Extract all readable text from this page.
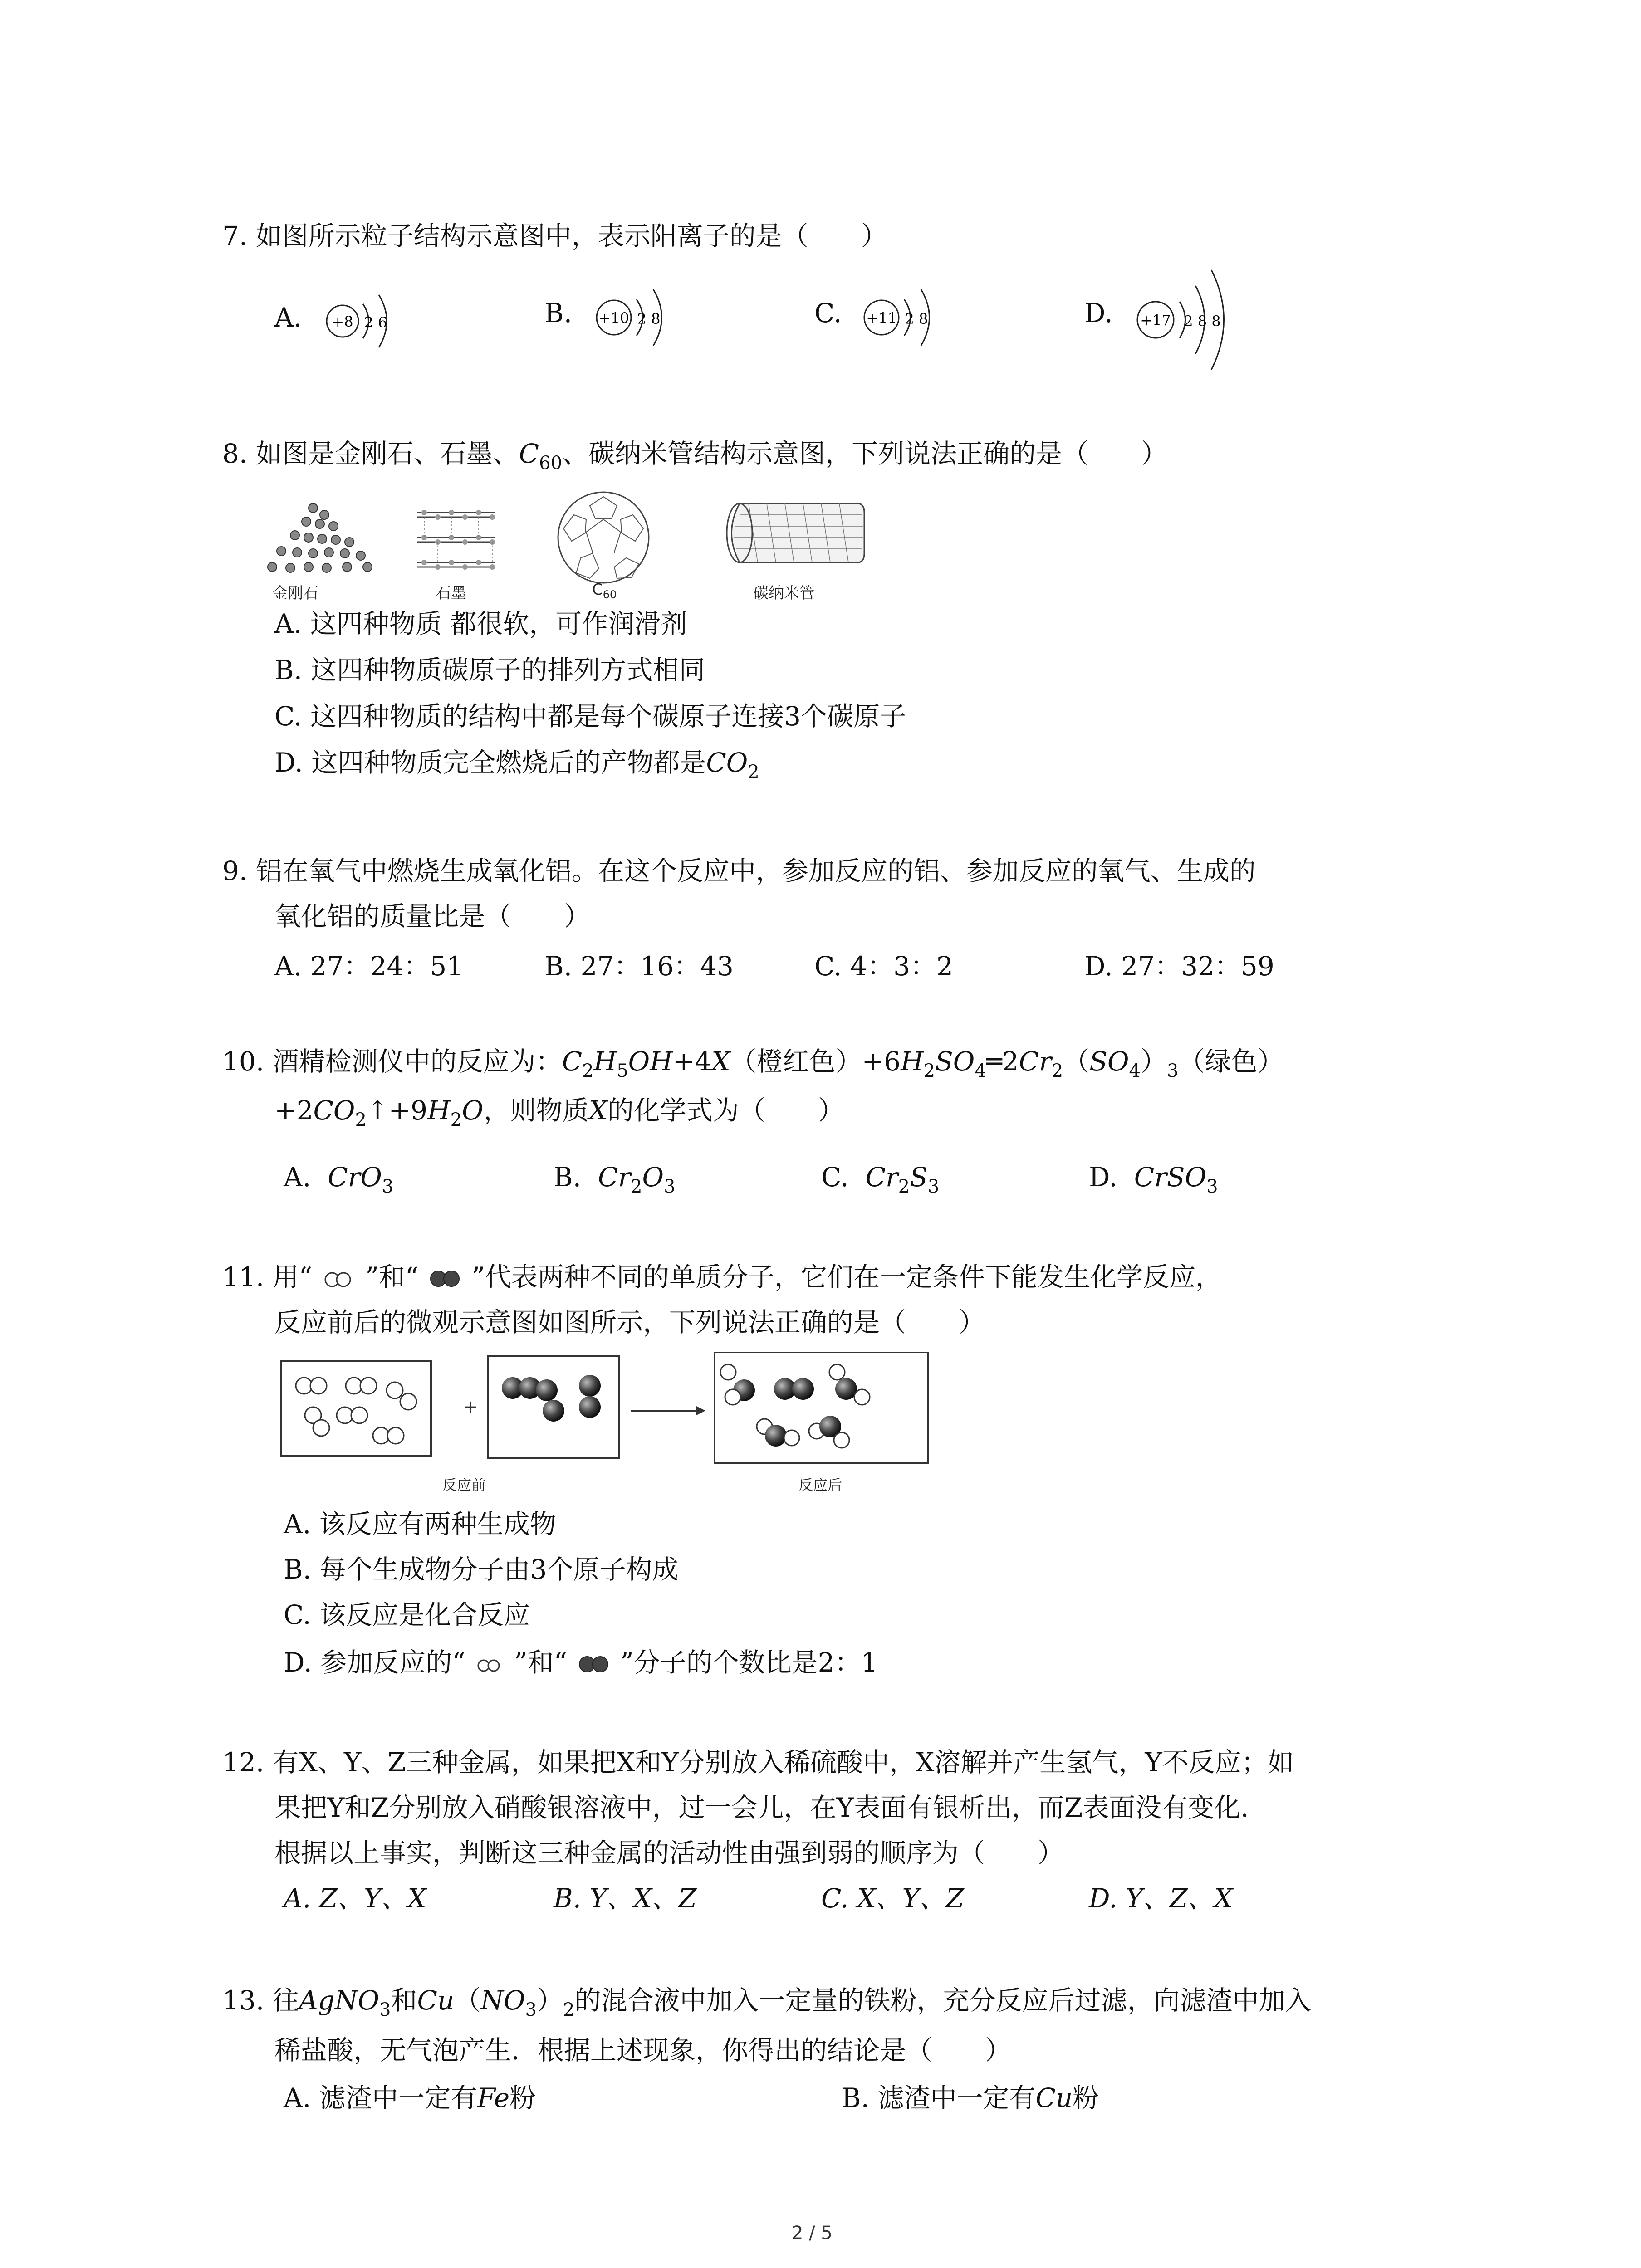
7. 如图所示粒子结构示意图中，表示阳离子的是（　　）
A. +8 2 6	B. +10 2 8	C. +11 2 8	D. +17 2 8 8
8. 如图是金刚石、石墨、$C_{60}$、碳纳米管结构示意图，下列说法正确的是（　　）
金刚石	石墨	$C_{60}$	碳纳米管
A. 这四种物质 都很软，可作润滑剂
B. 这四种物质碳原子的排列方式相同
C. 这四种物质的结构中都是每个碳原子连接3个碳原子
D. 这四种物质完全燃烧后的产物都是$CO_2$
9. 铝在氧气中燃烧生成氧化铝。在这个反应中，参加反应的铝、参加反应的氧气、生成的
氧化铝的质量比是（　　）
A. 27：24：51	B. 27：16：43	C. 4：3：2	D. 27：32：59
10. 酒精检测仪中的反应为：$C_2H_5OH+4X$（橙红色）$+6H_2SO_4═2Cr_2(SO_4)_3$（绿色）
$+2CO_2↑+9H_2O$，则物质X的化学式为（　　）
A. CrO$_3$	B. $Cr_2O_3$	C. $Cr_2S_3$	D. CrSO$_3$
11. 用“ ”和“ ”代表两种不同的单质分子，它们在一定条件下能发生化学反应，
反应前后的微观示意图如图所示，下列说法正确的是（　　）
+
反应前	反应后
A. 该反应有两种生成物
B. 每个生成物分子由3个原子构成
C. 该反应是化合反应
D. 参加反应的“ ”和“ ”分子的个数比是2：1
12. 有X、Y、Z三种金属，如果把X和Y分别放入稀硫酸中，X溶解并产生氢气，Y不反应；如
果把Y和Z分别放入硝酸银溶液中，过一会儿，在Y表面有银析出，而Z表面没有变化.
根据以上事实，判断这三种金属的活动性由强到弱的顺序为（　　）
A. Z、Y、X	B. Y、X、Z	C. X、Y、Z	D. Y、Z、X
13. 往AgNO$_3$和$Cu(NO_3)_2$的混合液中加入一定量的铁粉，充分反应后过滤，向滤渣中加入
稀盐酸，无气泡产生．根据上述现象，你得出的结论是（　　）
A. 滤渣中一定有Fe粉	B. 滤渣中一定有Cu粉
2 / 5
